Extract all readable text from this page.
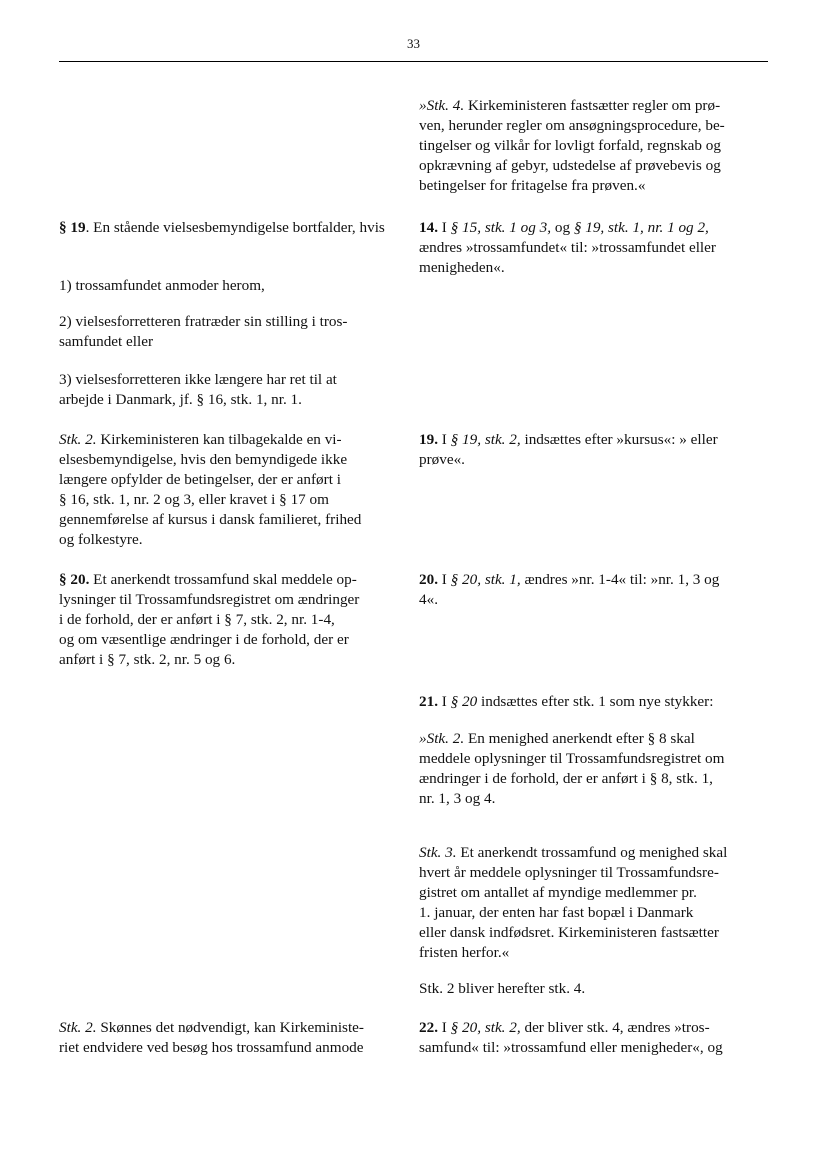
33
»Stk. 4. Kirkeministeren fastsætter regler om prø-
ven, herunder regler om ansøgningsprocedure, be-
tingelser og vilkår for lovligt forfald, regnskab og
opkrævning af gebyr, udstedelse af prøvebevis og
betingelser for fritagelse fra prøven.«
§ 19. En stående vielsesbemyndigelse bortfalder, hvis
1) trossamfundet anmoder herom,
2) vielsesforretteren fratræder sin stilling i tros-
samfundet eller
3) vielsesforretteren ikke længere har ret til at
arbejde i Danmark, jf. § 16, stk. 1, nr. 1.
14. I § 15, stk. 1 og 3, og § 19, stk. 1, nr. 1 og 2,
ændres »trossamfundet« til: »trossamfundet eller
menigheden«.
Stk. 2. Kirkeministeren kan tilbagekalde en vi-
elsesbemyndigelse, hvis den bemyndigede ikke
længere opfylder de betingelser, der er anført i
§ 16, stk. 1, nr. 2 og 3, eller kravet i § 17 om
gennemførelse af kursus i dansk familieret, frihed
og folkestyre.
19. I § 19, stk. 2, indsættes efter »kursus«: » eller
prøve«.
§ 20. Et anerkendt trossamfund skal meddele op-
lysninger til Trossamfundsregistret om ændringer
i de forhold, der er anført i § 7, stk. 2, nr. 1-4,
og om væsentlige ændringer i de forhold, der er
anført i § 7, stk. 2, nr. 5 og 6.
20. I § 20, stk. 1, ændres »nr. 1-4« til: »nr. 1, 3 og
4«.
21. I § 20 indsættes efter stk. 1 som nye stykker:
»Stk. 2. En menighed anerkendt efter § 8 skal
meddele oplysninger til Trossamfundsregistret om
ændringer i de forhold, der er anført i § 8, stk. 1,
nr. 1, 3 og 4.
Stk. 3. Et anerkendt trossamfund og menighed skal
hvert år meddele oplysninger til Trossamfundsre-
gistret om antallet af myndige medlemmer pr.
1. januar, der enten har fast bopæl i Danmark
eller dansk indfødsret. Kirkeministeren fastsætter
fristen herfor.«
Stk. 2 bliver herefter stk. 4.
Stk. 2. Skønnes det nødvendigt, kan Kirkeministe-
riet endvidere ved besøg hos trossamfund anmode
22. I § 20, stk. 2, der bliver stk. 4, ændres »tros-
samfund« til: »trossamfund eller menigheder«, og
